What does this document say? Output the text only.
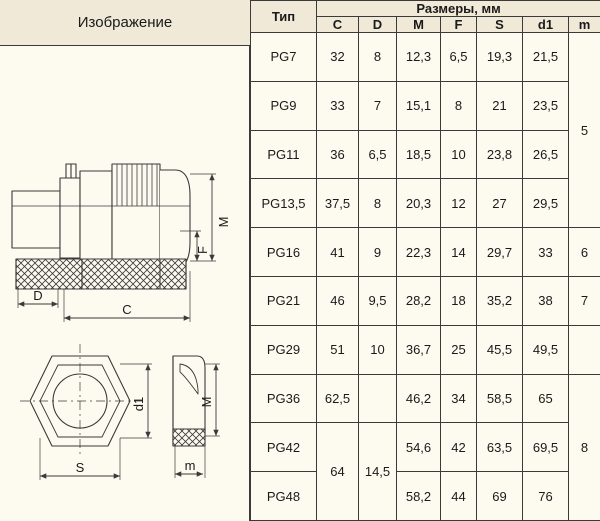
Изображение
M
F
D
C
d1
S
M
m
Тип	Размеры, мм						
	C	D	M	F	S	d1	m
PG7	32	8	12,3	6,5	19,3	21,5	5
PG9	33	7	15,1	8	21	23,5	
PG11	36	6,5	18,5	10	23,8	26,5	
PG13,5	37,5	8	20,3	12	27	29,5	
PG16	41	9	22,3	14	29,7	33	6
PG21	46	9,5	28,2	18	35,2	38	7
PG29	51	10	36,7	25	45,5	49,5	
PG36	62,5		46,2	34	58,5	65	8
PG42	64	14,5	54,6	42	63,5	69,5	
PG48			58,2	44	69	76	
